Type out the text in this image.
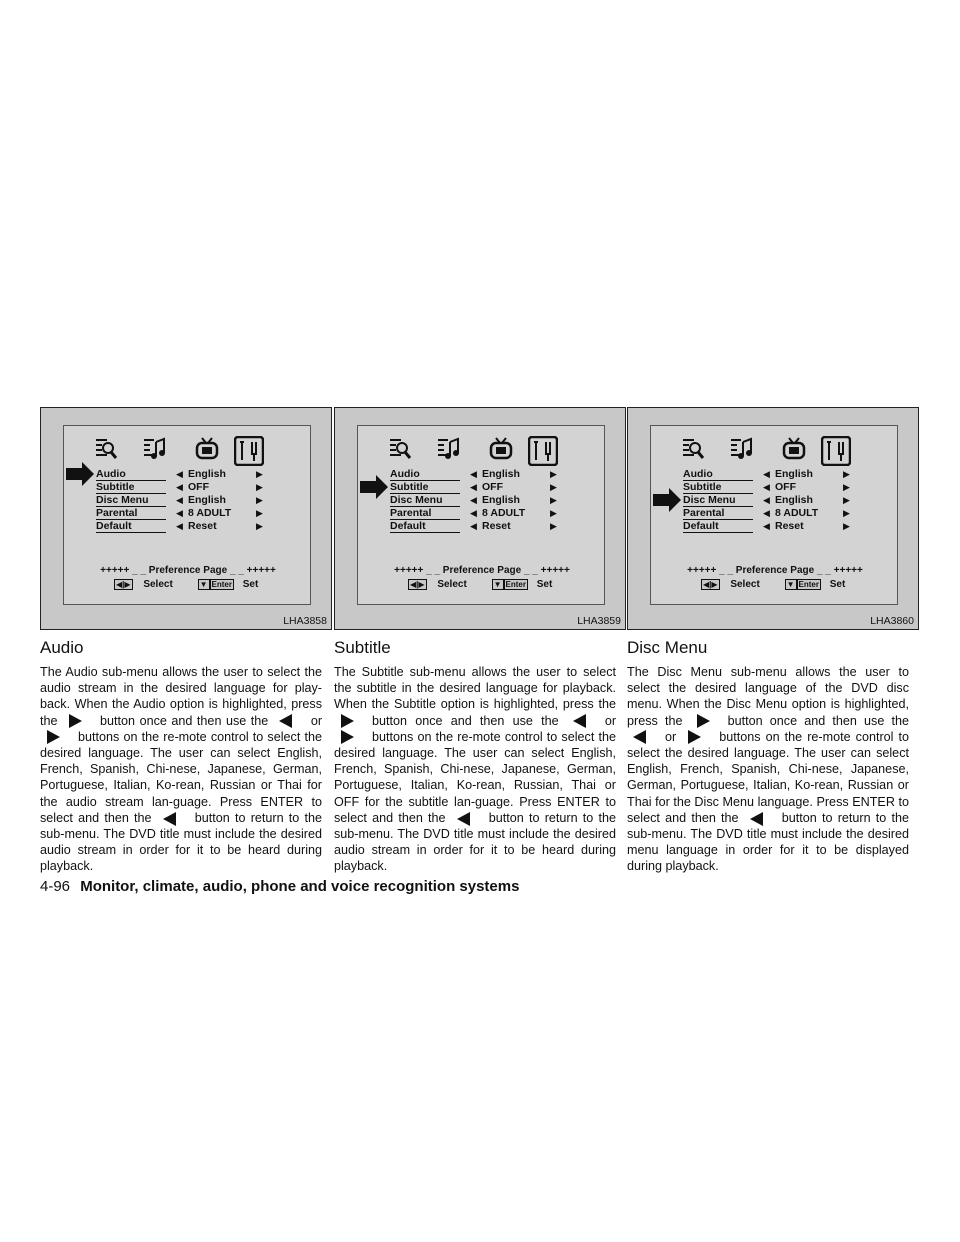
Audio	◀ English	▶
Subtitle	◀ OFF	▶
Disc Menu	◀ English	▶
Parental	◀ 8 ADULT	▶
Default	◀ Reset	▶
+++++ _ _ Preference Page _ _ +++++
◀|▶ Select	▼ Enter Set
LHA3858
Audio

The Audio sub-menu allows the user to select the audio stream in the desired language for play-back. When the Audio option is highlighted, press the	button once and then use the	or buttons on the re-mote control to select the desired language. The user can select English, French, Spanish, Chi-nese, Japanese, German, Portuguese, Italian, Ko-rean, Russian or Thai for the audio stream lan-guage. Press ENTER to select and then the	button to return to the sub-menu. The DVD title must include the desired audio stream in order for it to be heard during playback.

Audio	◀ English	▶
Subtitle	◀ OFF	▶
Disc Menu	◀ English	▶
Parental	◀ 8 ADULT	▶
Default	◀ Reset	▶
+++++ _ _ Preference Page _ _ +++++
◀|▶ Select	▼ Enter Set
LHA3859
Subtitle

The Subtitle sub-menu allows the user to select the subtitle in the desired language for playback. When the Subtitle option is highlighted, press the button once and then use the	or buttons on the re-mote control to select the desired language. The user can select English, French, Spanish, Chi-nese, Japanese, German, Portuguese, Italian, Ko-rean, Russian, Thai or OFF for the subtitle lan-guage. Press ENTER to select and then the	button to return to the sub-menu. The DVD title must include the desired audio stream in order for it to be heard during playback.

Audio	◀ English	▶
Subtitle	◀ OFF	▶
Disc Menu	◀ English	▶
Parental	◀ 8 ADULT	▶
Default	◀ Reset	▶
+++++ _ _ Preference Page _ _ +++++
◀|▶ Select	▼ Enter Set
LHA3860
Disc Menu

The Disc Menu sub-menu allows the user to select the desired language of the DVD disc menu. When the Disc Menu option is highlighted, press the	button once and then use the or	buttons on the re-mote control to select the desired language. The user can select English, French, Spanish, Chi-nese, Japanese, German, Portuguese, Italian, Ko-rean, Russian or Thai for the Disc Menu language. Press ENTER to select and then the	button to return to the sub-menu. The DVD title must include the desired menu language in order for it to be displayed during playback.

4-96 Monitor, climate, audio, phone and voice recognition systems
